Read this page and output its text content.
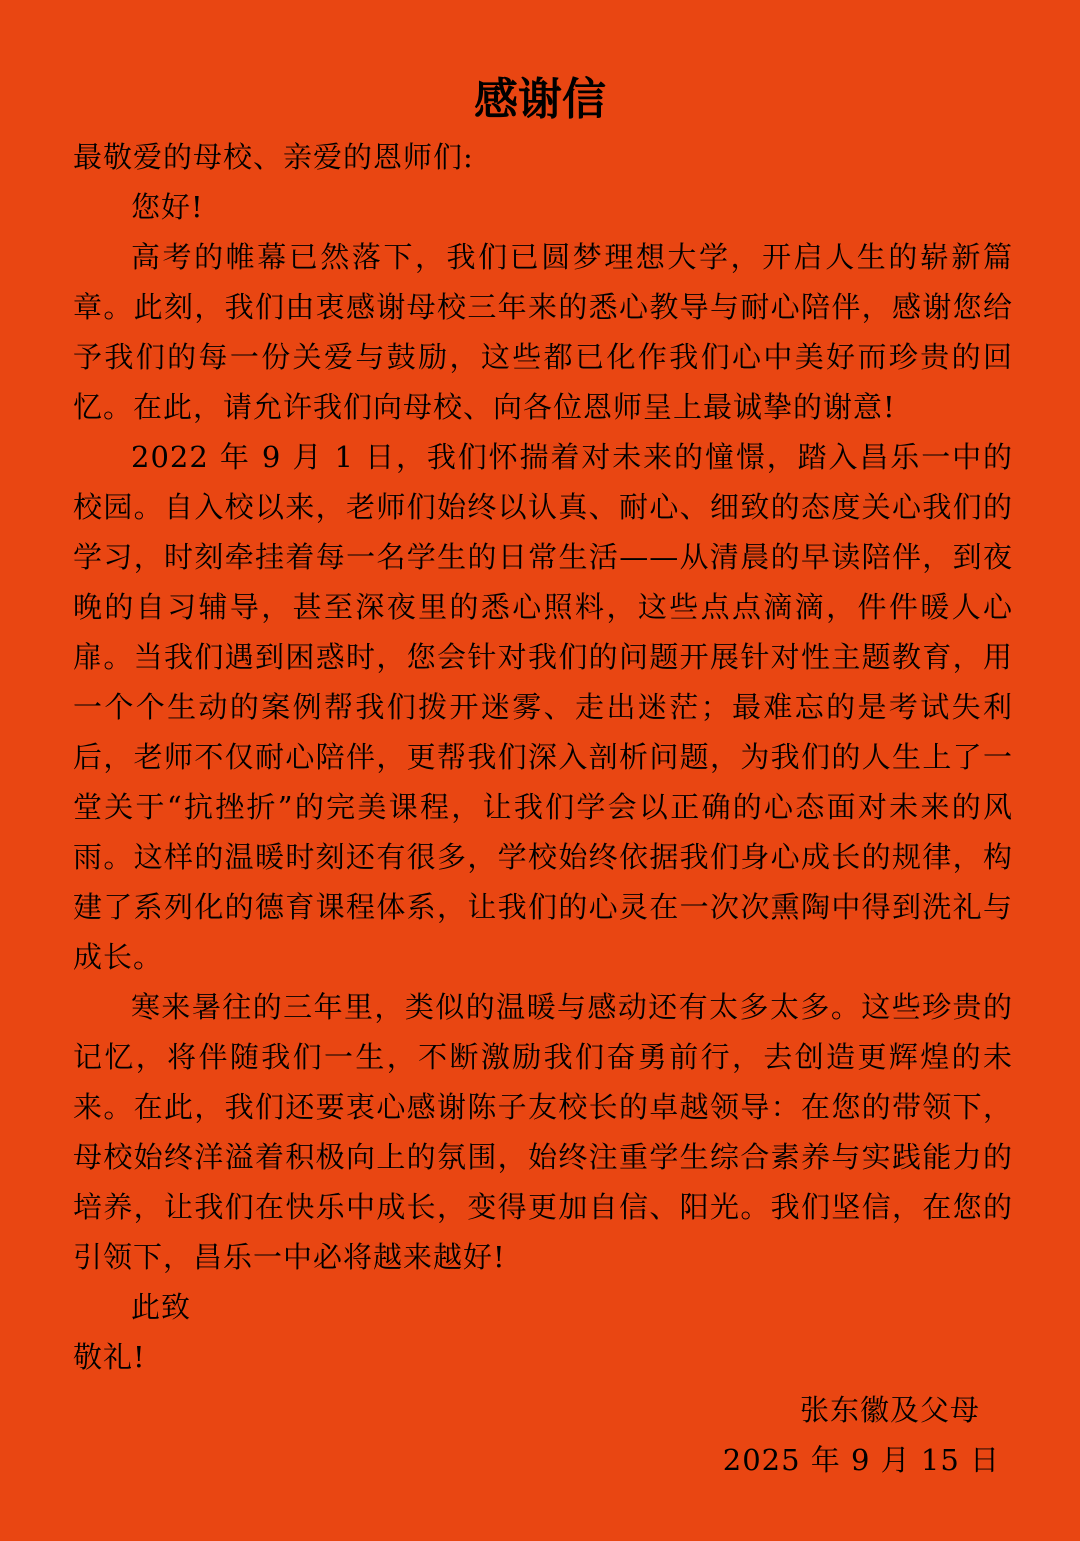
感谢信

最敬爱的母校、亲爱的恩师们:

您好!

高考的帷幕已然落下，我们已圆梦理想大学，开启人生的崭新篇章。此刻，我们由衷感谢母校三年来的悉心教导与耐心陪伴，感谢您给予我们的每一份关爱与鼓励，这些都已化作我们心中美好而珍贵的回忆。在此，请允许我们向母校、向各位恩师呈上最诚挚的谢意!

2022 年 9 月 1 日，我们怀揣着对未来的憧憬，踏入昌乐一中的校园。自入校以来，老师们始终以认真、耐心、细致的态度关心我们的学习，时刻牵挂着每一名学生的日常生活——从清晨的早读陪伴，到夜晚的自习辅导，甚至深夜里的悉心照料，这些点点滴滴，件件暖人心扉。当我们遇到困惑时，您会针对我们的问题开展针对性主题教育，用一个个生动的案例帮我们拨开迷雾、走出迷茫；最难忘的是考试失利后，老师不仅耐心陪伴，更帮我们深入剖析问题，为我们的人生上了一堂关于“抗挫折”的完美课程，让我们学会以正确的心态面对未来的风雨。这样的温暖时刻还有很多，学校始终依据我们身心成长的规律，构建了系列化的德育课程体系，让我们的心灵在一次次熏陶中得到洗礼与成长。

寒来暑往的三年里，类似的温暖与感动还有太多太多。这些珍贵的记忆，将伴随我们一生，不断激励我们奋勇前行，去创造更辉煌的未来。在此，我们还要衷心感谢陈子友校长的卓越领导：在您的带领下，母校始终洋溢着积极向上的氛围，始终注重学生综合素养与实践能力的培养，让我们在快乐中成长，变得更加自信、阳光。我们坚信，在您的引领下，昌乐一中必将越来越好!

此致

敬礼!

张东徽及父母
2025 年 9 月 15 日
